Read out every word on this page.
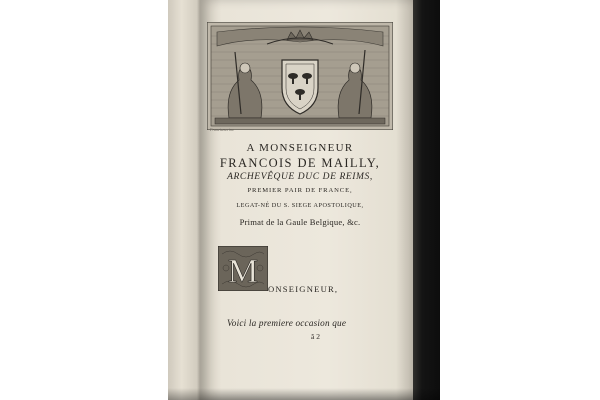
Franciscus inv.
A MONSEIGNEUR
FRANCOIS DE MAILLY,
ARCHEVÊQUE DUC DE REIMS,
PREMIER PAIR DE FRANCE,
LEGAT-NÉ DU S. SIEGE APOSTOLIQUE,
Primat de la Gaule Belgique, &c.
M ONSEIGNEUR,
Voici la premiere occasion que
ã 2
